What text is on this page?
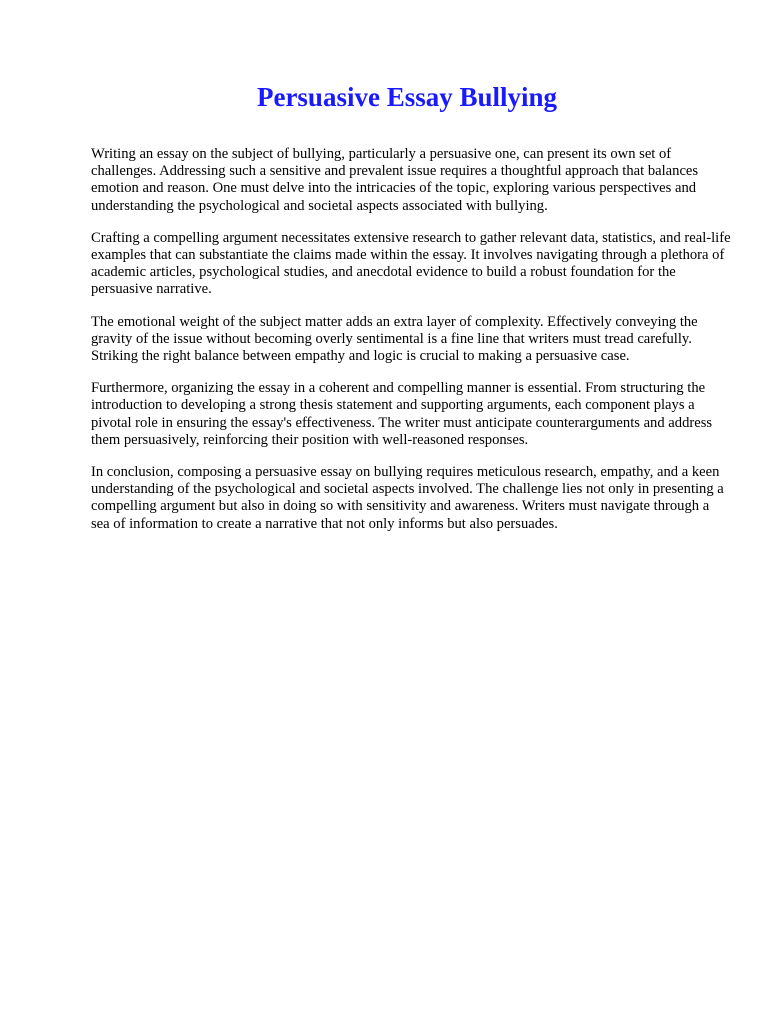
Persuasive Essay Bullying

Writing an essay on the subject of bullying, particularly a persuasive one, can present its own set of challenges. Addressing such a sensitive and prevalent issue requires a thoughtful approach that balances emotion and reason. One must delve into the intricacies of the topic, exploring various perspectives and understanding the psychological and societal aspects associated with bullying.

Crafting a compelling argument necessitates extensive research to gather relevant data, statistics, and real-life examples that can substantiate the claims made within the essay. It involves navigating through a plethora of academic articles, psychological studies, and anecdotal evidence to build a robust foundation for the persuasive narrative.

The emotional weight of the subject matter adds an extra layer of complexity. Effectively conveying the gravity of the issue without becoming overly sentimental is a fine line that writers must tread carefully. Striking the right balance between empathy and logic is crucial to making a persuasive case.

Furthermore, organizing the essay in a coherent and compelling manner is essential. From structuring the introduction to developing a strong thesis statement and supporting arguments, each component plays a pivotal role in ensuring the essay's effectiveness. The writer must anticipate counterarguments and address them persuasively, reinforcing their position with well-reasoned responses.

In conclusion, composing a persuasive essay on bullying requires meticulous research, empathy, and a keen understanding of the psychological and societal aspects involved. The challenge lies not only in presenting a compelling argument but also in doing so with sensitivity and awareness. Writers must navigate through a sea of information to create a narrative that not only informs but also persuades.
